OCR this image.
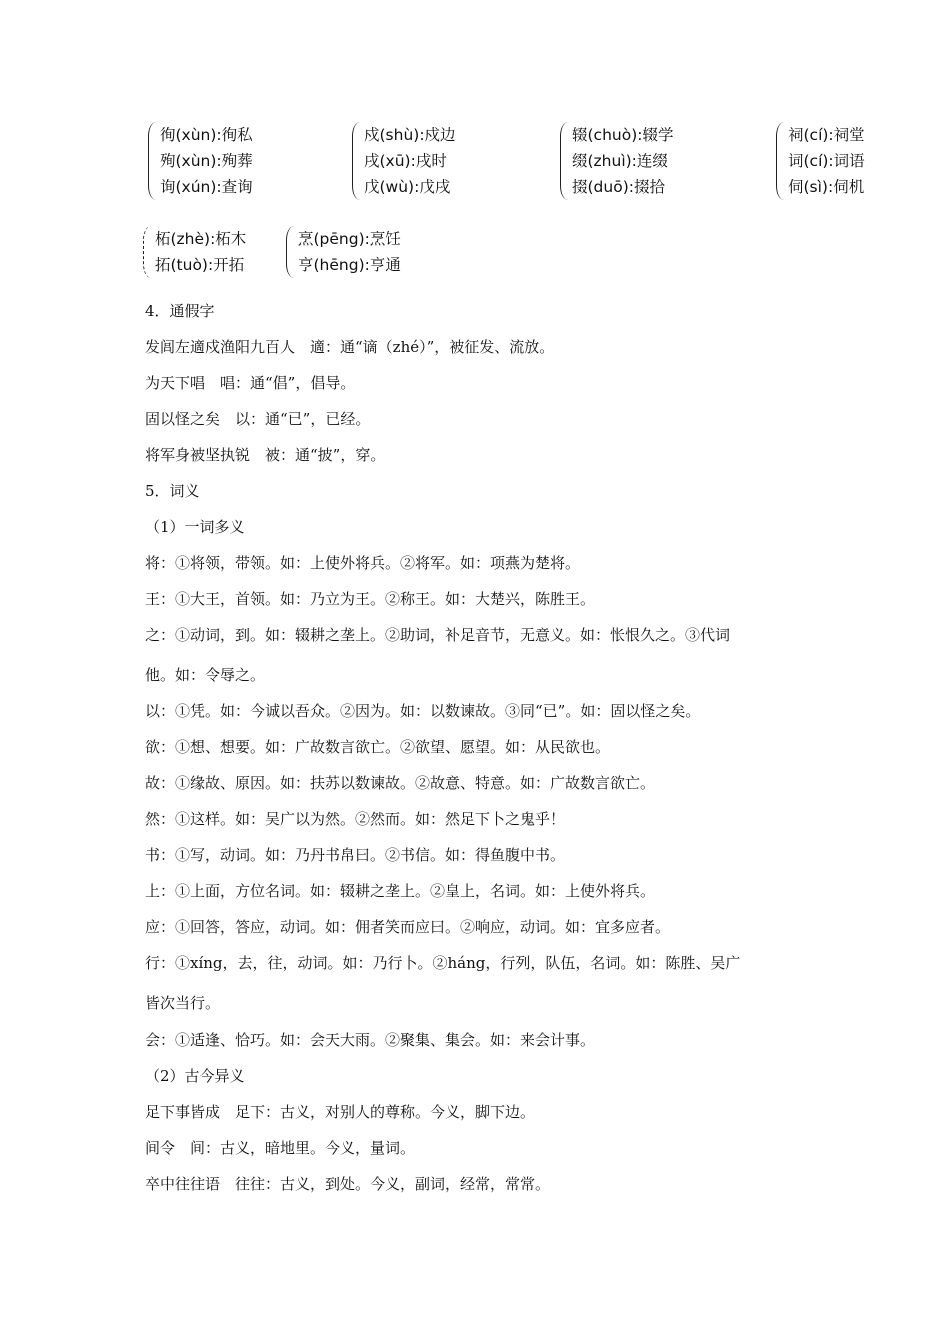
徇(xùn):徇私
殉(xùn):殉葬
询(xún):查询
戍(shù):戍边
戌(xū):戌时
戊(wù):戊戌
辍(chuò):辍学
缀(zhuì):连缀
掇(duō):掇拾
祠(cí):祠堂
词(cí):词语
伺(sì):伺机
柘(zhè):柘木
拓(tuò):开拓
烹(pēng):烹饪
亨(hēng):亨通
4．通假字
发闾左適戍渔阳九百人　適：通“谪（zhé）”，被征发、流放。
为天下唱　唱：通“倡”，倡导。
固以怪之矣　以：通“已”，已经。
将军身被坚执锐　被：通“披”，穿。
5．词义
（1）一词多义
将：①将领，带领。如：上使外将兵。②将军。如：项燕为楚将。
王：①大王，首领。如：乃立为王。②称王。如：大楚兴，陈胜王。
之：①动词，到。如：辍耕之垄上。②助词，补足音节，无意义。如：怅恨久之。③代词
他。如：令辱之。
以：①凭。如：今诚以吾众。②因为。如：以数谏故。③同“已”。如：固以怪之矣。
欲：①想、想要。如：广故数言欲亡。②欲望、愿望。如：从民欲也。
故：①缘故、原因。如：扶苏以数谏故。②故意、特意。如：广故数言欲亡。
然：①这样。如：吴广以为然。②然而。如：然足下卜之鬼乎！
书：①写，动词。如：乃丹书帛曰。②书信。如：得鱼腹中书。
上：①上面，方位名词。如：辍耕之垄上。②皇上，名词。如：上使外将兵。
应：①回答，答应，动词。如：佣者笑而应曰。②响应，动词。如：宜多应者。
行：①xíng，去，往，动词。如：乃行卜。②háng，行列，队伍，名词。如：陈胜、吴广
皆次当行。
会：①适逢、恰巧。如：会天大雨。②聚集、集会。如：来会计事。
（2）古今异义
足下事皆成　足下：古义，对别人的尊称。今义，脚下边。
间令　间：古义，暗地里。今义，量词。
卒中往往语　往往：古义，到处。今义，副词，经常，常常。
